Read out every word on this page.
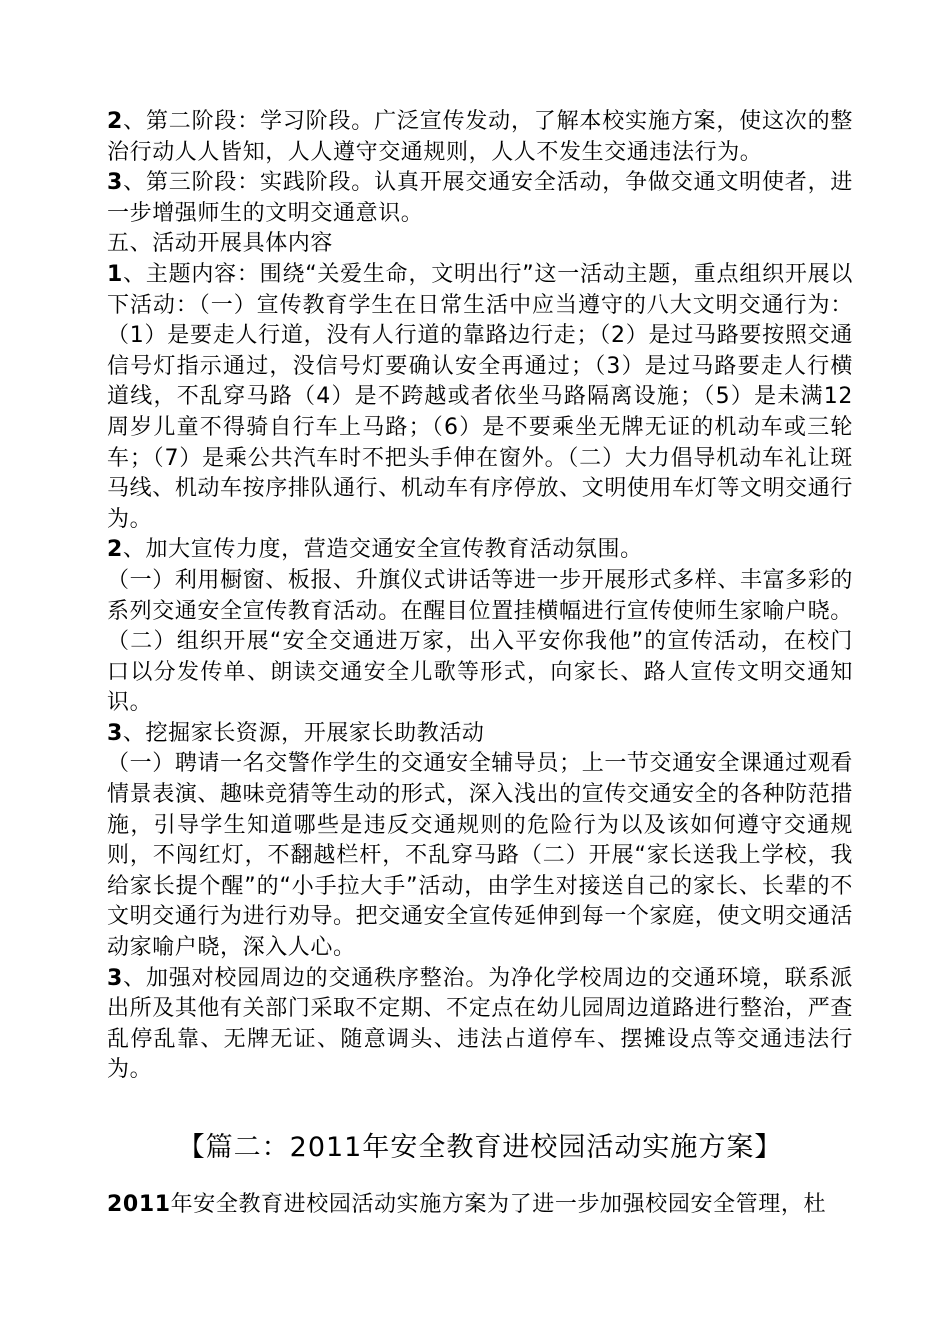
2、第二阶段：学习阶段。广泛宣传发动，了解本校实施方案，使这次的整治行动人人皆知，人人遵守交通规则，人人不发生交通违法行为。

3、第三阶段：实践阶段。认真开展交通安全活动，争做交通文明使者，进一步增强师生的文明交通意识。

五、活动开展具体内容

1、主题内容：围绕“关爱生命，文明出行”这一活动主题，重点组织开展以下活动：（一）宣传教育学生在日常生活中应当遵守的八大文明交通行为：（1）是要走人行道，没有人行道的靠路边行走；（2）是过马路要按照交通信号灯指示通过，没信号灯要确认安全再通过；（3）是过马路要走人行横道线，不乱穿马路（4）是不跨越或者依坐马路隔离设施；（5）是未满12周岁儿童不得骑自行车上马路；（6）是不要乘坐无牌无证的机动车或三轮车；（7）是乘公共汽车时不把头手伸在窗外。（二）大力倡导机动车礼让斑马线、机动车按序排队通行、机动车有序停放、文明使用车灯等文明交通行为。

2、加大宣传力度，营造交通安全宣传教育活动氛围。

（一）利用橱窗、板报、升旗仪式讲话等进一步开展形式多样、丰富多彩的系列交通安全宣传教育活动。在醒目位置挂横幅进行宣传使师生家喻户晓。

（二）组织开展“安全交通进万家，出入平安你我他”的宣传活动，在校门口以分发传单、朗读交通安全儿歌等形式，向家长、路人宣传文明交通知识。

3、挖掘家长资源，开展家长助教活动

（一）聘请一名交警作学生的交通安全辅导员；上一节交通安全课通过观看情景表演、趣味竞猜等生动的形式，深入浅出的宣传交通安全的各种防范措施，引导学生知道哪些是违反交通规则的危险行为以及该如何遵守交通规则，不闯红灯，不翻越栏杆，不乱穿马路（二）开展“家长送我上学校，我给家长提个醒”的“小手拉大手”活动，由学生对接送自己的家长、长辈的不文明交通行为进行劝导。把交通安全宣传延伸到每一个家庭，使文明交通活动家喻户晓，深入人心。

3、加强对校园周边的交通秩序整治。为净化学校周边的交通环境，联系派出所及其他有关部门采取不定期、不定点在幼儿园周边道路进行整治，严查乱停乱靠、无牌无证、随意调头、违法占道停车、摆摊设点等交通违法行为。

【篇二：2011年安全教育进校园活动实施方案】
2011年安全教育进校园活动实施方案为了进一步加强校园安全管理，杜
